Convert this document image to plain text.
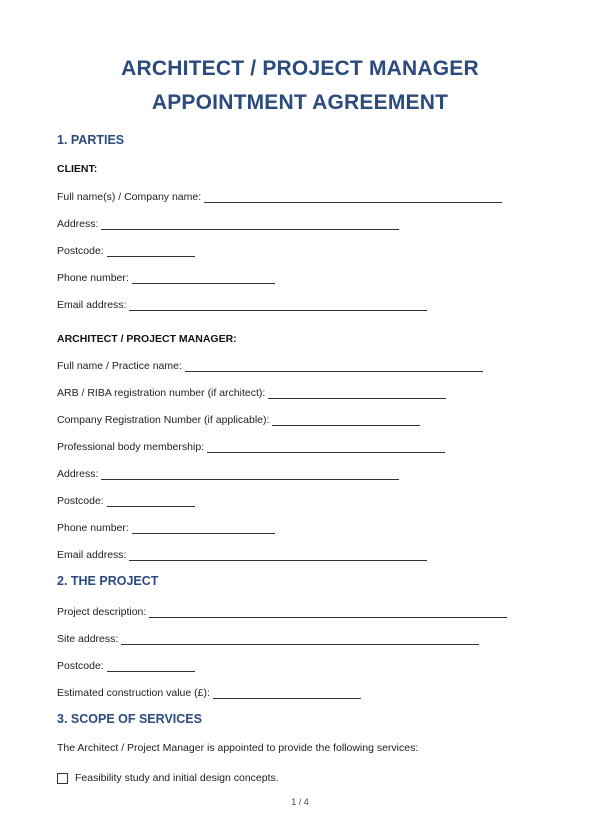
ARCHITECT / PROJECT MANAGER
APPOINTMENT AGREEMENT
1. PARTIES
CLIENT:
Full name(s) / Company name:
Address:
Postcode:
Phone number:
Email address:
ARCHITECT / PROJECT MANAGER:
Full name / Practice name:
ARB / RIBA registration number (if architect):
Company Registration Number (if applicable):
Professional body membership:
Address:
Postcode:
Phone number:
Email address:
2. THE PROJECT
Project description:
Site address:
Postcode:
Estimated construction value (£):
3. SCOPE OF SERVICES
The Architect / Project Manager is appointed to provide the following services:
Feasibility study and initial design concepts.
1 / 4
